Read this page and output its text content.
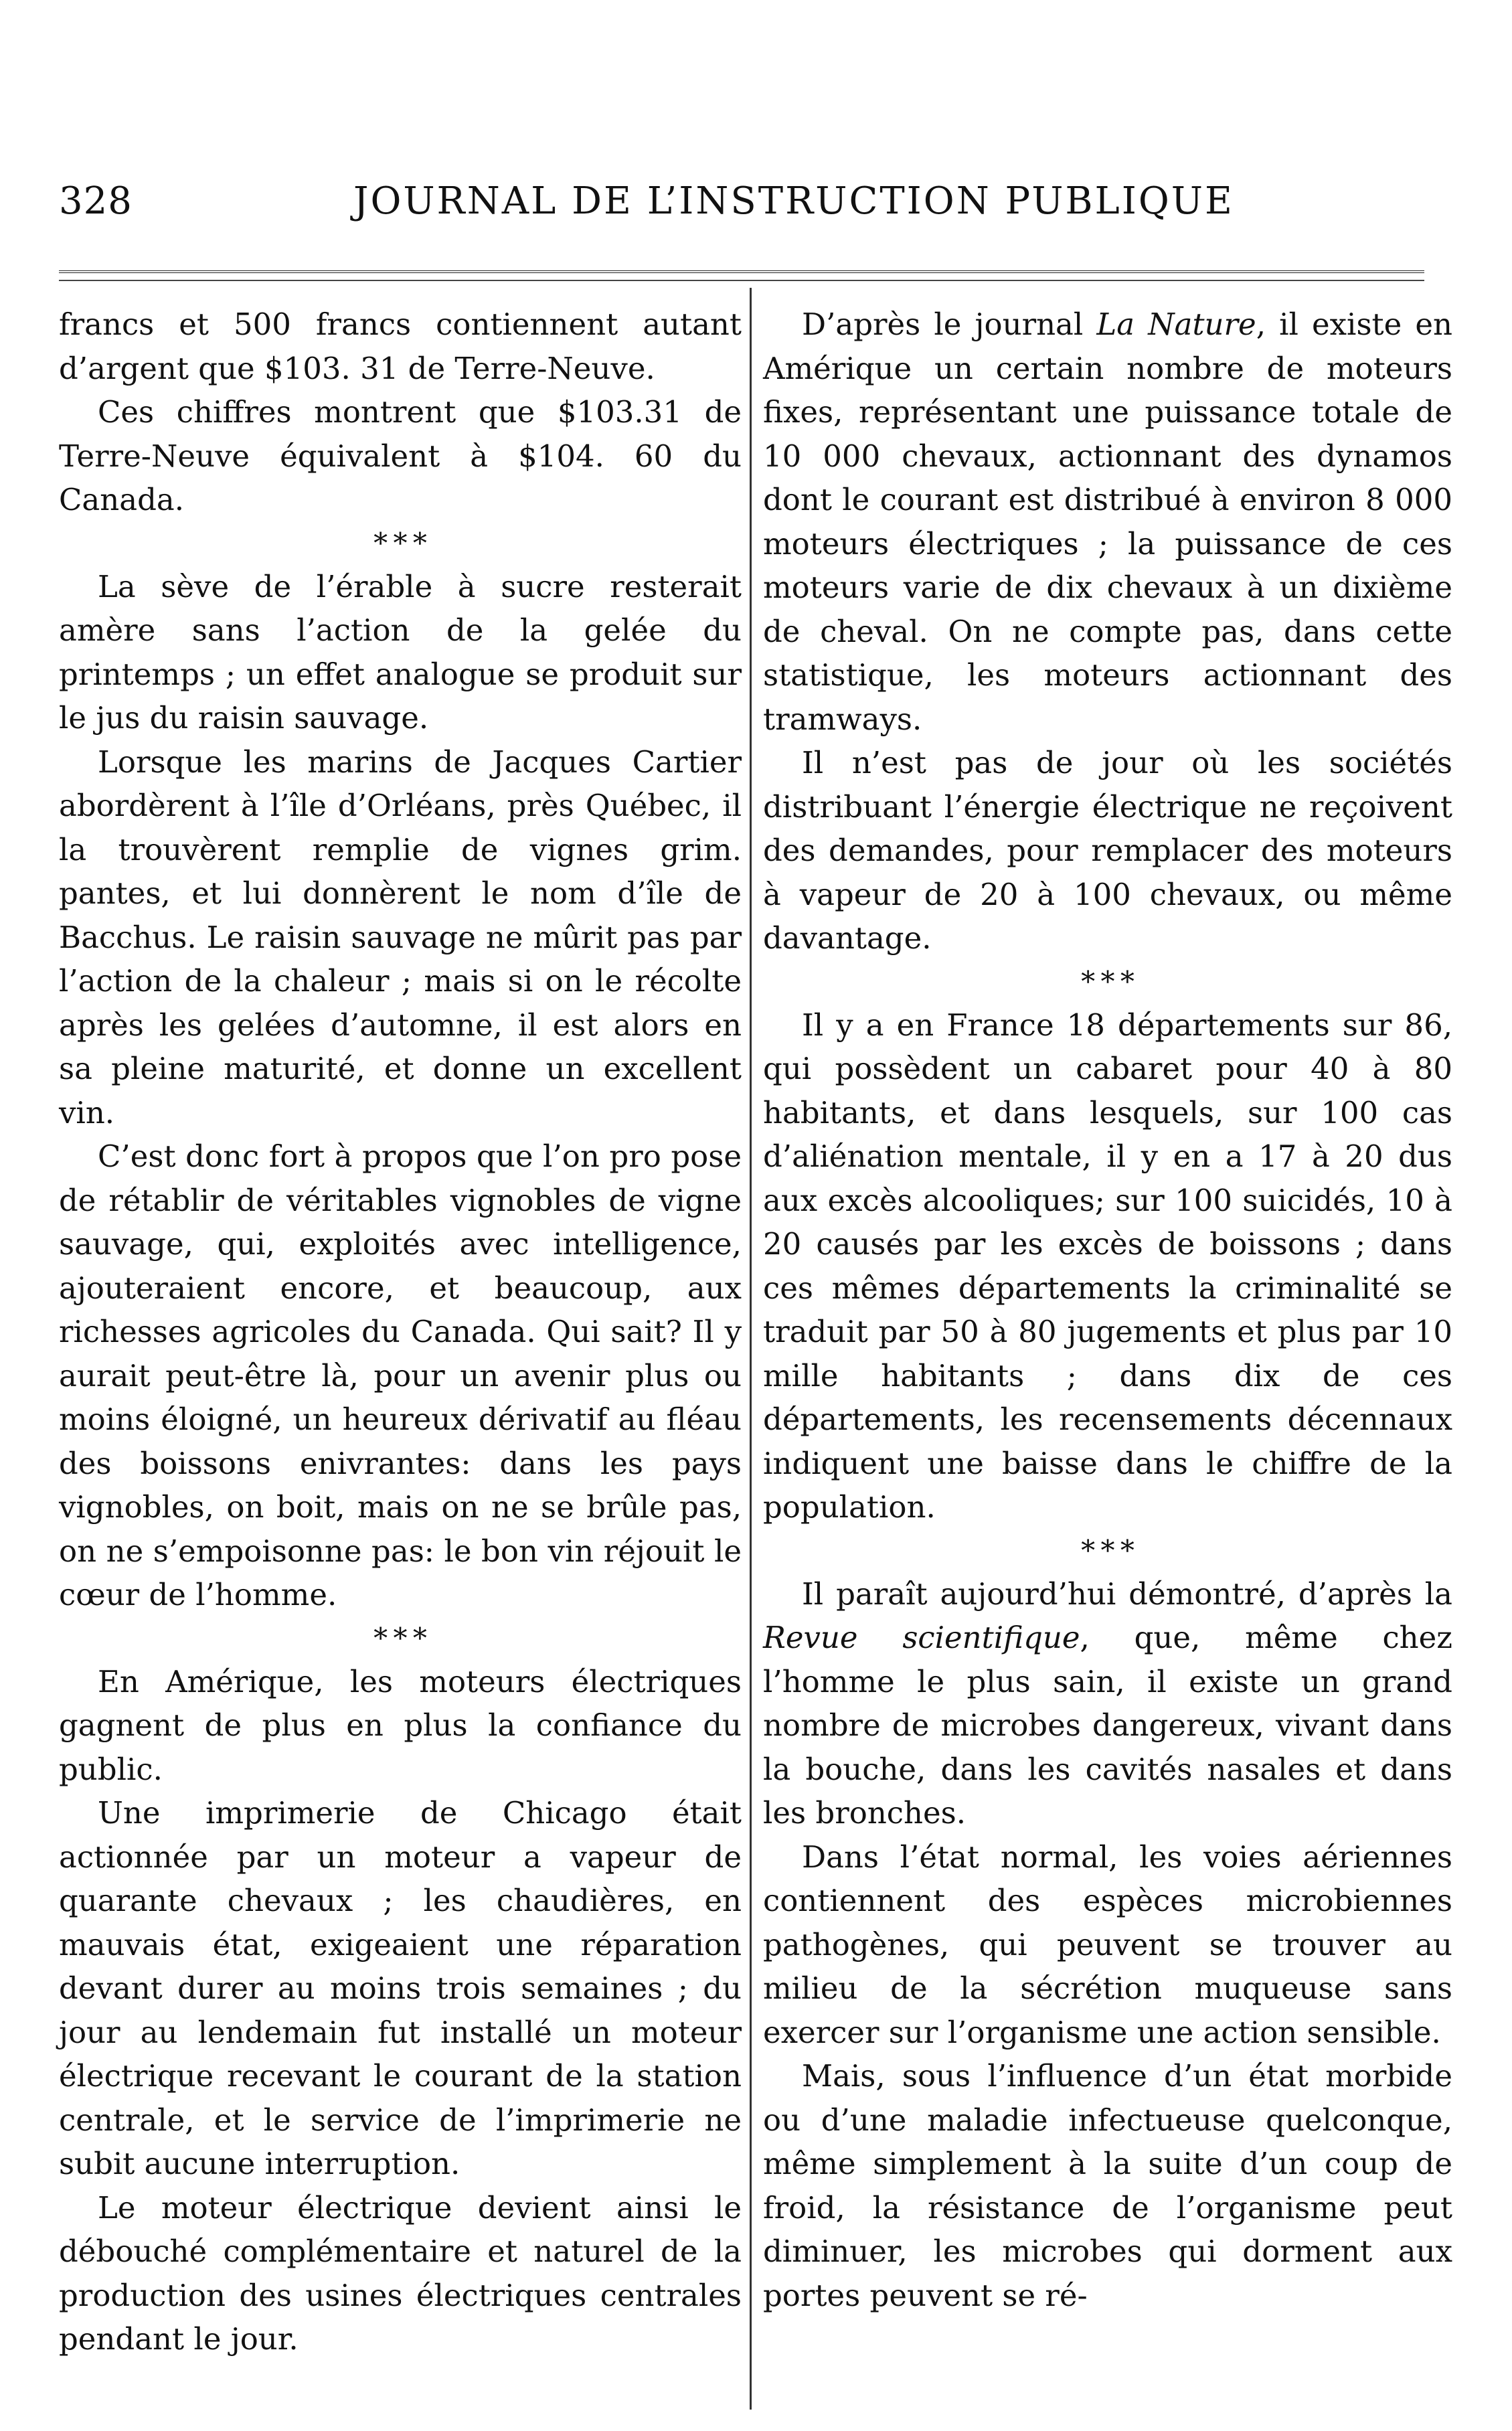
328	JOURNAL DE L’INSTRUCTION PUBLIQUE

francs et 500 francs contiennent autant d’argent que $103. 31 de Terre-Neuve.

Ces chiffres montrent que $103.31 de Terre-Neuve équivalent à $104. 60 du Canada.

* * *

La sève de l’érable à sucre resterait amère sans l’action de la gelée du printemps ; un effet analogue se produit sur le jus du raisin sauvage.

Lorsque les marins de Jacques Cartier abordèrent à l’île d’Orléans, près Québec, il la trouvèrent remplie de vignes grim. pantes, et lui donnèrent le nom d’île de Bacchus. Le raisin sauvage ne mûrit pas par l’action de la chaleur ; mais si on le récolte après les gelées d’automne, il est alors en sa pleine maturité, et donne un excellent vin.

C’est donc fort à propos que l’on pro pose de rétablir de véritables vignobles de vigne sauvage, qui, exploités avec intelligence, ajouteraient encore, et beaucoup, aux richesses agricoles du Canada. Qui sait? Il y aurait peut-être là, pour un avenir plus ou moins éloigné, un heureux dérivatif au fléau des boissons enivrantes: dans les pays vignobles, on boit, mais on ne se brûle pas, on ne s’empoisonne pas: le bon vin réjouit le cœur de l’homme.

* * *

En Amérique, les moteurs électriques gagnent de plus en plus la confiance du public.

Une imprimerie de Chicago était actionnée par un moteur a vapeur de quarante chevaux ; les chaudières, en mauvais état, exigeaient une réparation devant durer au moins trois semaines ; du jour au lendemain fut installé un moteur électrique recevant le courant de la station centrale, et le service de l’imprimerie ne subit aucune interruption.

Le moteur électrique devient ainsi le débouché complémentaire et naturel de la production des usines électriques centrales pendant le jour.

D’après le journal La Nature, il existe en Amérique un certain nombre de moteurs fixes, représentant une puissance totale de 10 000 chevaux, actionnant des dynamos dont le courant est distribué à environ 8 000 moteurs électriques ; la puissance de ces moteurs varie de dix chevaux à un dixième de cheval. On ne compte pas, dans cette statistique, les moteurs actionnant des tramways.

Il n’est pas de jour où les sociétés distribuant l’énergie électrique ne reçoivent des demandes, pour remplacer des moteurs à vapeur de 20 à 100 chevaux, ou même davantage.

* * *

Il y a en France 18 départements sur 86, qui possèdent un cabaret pour 40 à 80 habitants, et dans lesquels, sur 100 cas d’aliénation mentale, il y en a 17 à 20 dus aux excès alcooliques; sur 100 suicidés, 10 à 20 causés par les excès de boissons ; dans ces mêmes départements la criminalité se traduit par 50 à 80 jugements et plus par 10 mille habitants ; dans dix de ces départements, les recensements décennaux indiquent une baisse dans le chiffre de la population.

* * *

Il paraît aujourd’hui démontré, d’après la Revue scientifique, que, même chez l’homme le plus sain, il existe un grand nombre de microbes dangereux, vivant dans la bouche, dans les cavités nasales et dans les bronches.

Dans l’état normal, les voies aériennes contiennent des espèces microbiennes pathogènes, qui peuvent se trouver au milieu de la sécrétion muqueuse sans exercer sur l’organisme une action sensible.

Mais, sous l’influence d’un état morbide ou d’une maladie infectueuse quelconque, même simplement à la suite d’un coup de froid, la résistance de l’organisme peut diminuer, les microbes qui dorment aux portes peuvent se ré-
